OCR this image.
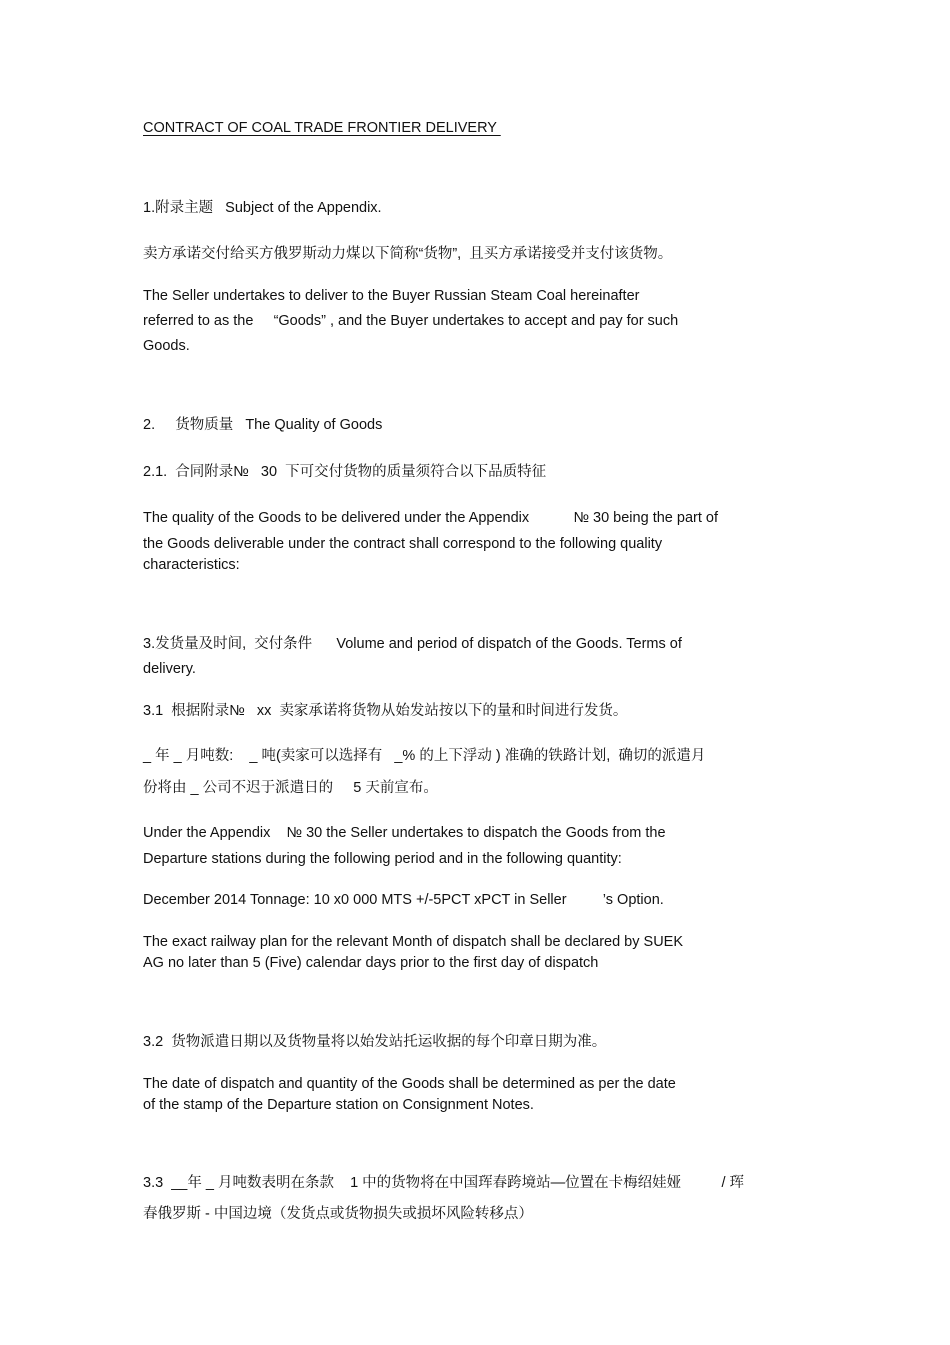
CONTRACT OF COAL TRADE FRONTIER DELIVERY
1.附录主题   Subject of the Appendix.
卖方承诺交付给买方俄罗斯动力煤以下简称“货物”,  且买方承诺接受并支付该货物。
The Seller undertakes to deliver to the Buyer Russian Steam Coal hereinafter
referred to as the     “Goods” , and the Buyer undertakes to accept and pay for such
Goods.
2.     货物质量   The Quality of Goods
2.1.  合同附录№   30  下可交付货物的质量须符合以下品质特征
The quality of the Goods to be delivered under the Appendix           № 30 being the part of
the Goods deliverable under the contract shall correspond to the following quality
characteristics:
3.发货量及时间,  交付条件      Volume and period of dispatch of the Goods. Terms of
delivery.
3.1  根据附录№   xx  卖家承诺将货物从始发站按以下的量和时间进行发货。
_ 年 _ 月吨数:    _ 吨(卖家可以选择有   _% 的上下浮动 ) 准确的铁路计划,  确切的派遣月
份将由 _ 公司不迟于派遣日的     5 天前宣布。
Under the Appendix    № 30 the Seller undertakes to dispatch the Goods from the
Departure stations during the following period and in the following quantity:
December 2014 Tonnage: 10 x0 000 MTS +/-5PCT xPCT in Seller         ’s Option.
The exact railway plan for the relevant Month of dispatch shall be declared by SUEK
AG no later than 5 (Five) calendar days prior to the first day of dispatch
3.2  货物派遣日期以及货物量将以始发站托运收据的每个印章日期为准。
The date of dispatch and quantity of the Goods shall be determined as per the date
of the stamp of the Departure station on Consignment Notes.
3.3  __年 _ 月吨数表明在条款    1 中的货物将在中国珲春跨境站—位置在卡梅绍娃娅          / 珲
春俄罗斯 - 中国边境（发货点或货物损失或损坏风险转移点）
